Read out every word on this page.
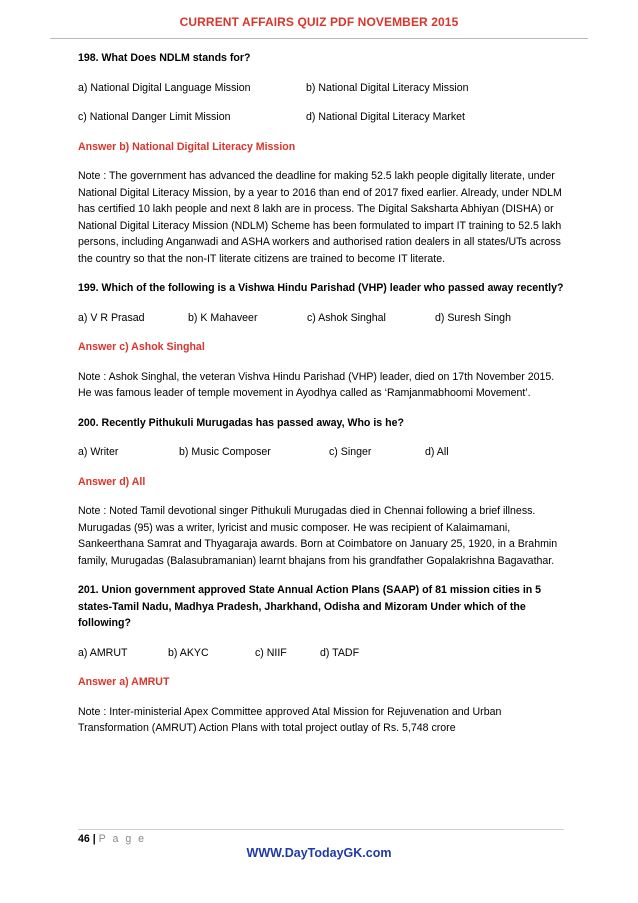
CURRENT AFFAIRS QUIZ PDF NOVEMBER 2015

198. What Does NDLM stands for?

a) National Digital Language Mission	b) National Digital Literacy Mission
c) National Danger Limit Mission	d) National Digital Literacy Market

Answer b) National Digital Literacy Mission

Note : The government has advanced the deadline for making 52.5 lakh people digitally literate, under National Digital Literacy Mission, by a year to 2016 than end of 2017 fixed earlier. Already, under NDLM has certified 10 lakh people and next 8 lakh are in process. The Digital Saksharta Abhiyan (DISHA) or National Digital Literacy Mission (NDLM) Scheme has been formulated to impart IT training to 52.5 lakh persons, including Anganwadi and ASHA workers and authorised ration dealers in all states/UTs across the country so that the non-IT literate citizens are trained to become IT literate.

199. Which of the following is a Vishwa Hindu Parishad (VHP) leader who passed away recently?

a) V R Prasad	b) K Mahaveer	c) Ashok Singhal	d) Suresh Singh

Answer c) Ashok Singhal

Note : Ashok Singhal, the veteran Vishva Hindu Parishad (VHP) leader, died on 17th November 2015. He was famous leader of temple movement in Ayodhya called as ‘Ramjanmabhoomi Movement’.

200. Recently Pithukuli Murugadas has passed away, Who is he?

a) Writer	b) Music Composer	c) Singer	d) All

Answer d) All

Note : Noted Tamil devotional singer Pithukuli Murugadas died in Chennai following a brief illness. Murugadas (95) was a writer, lyricist and music composer. He was recipient of Kalaimamani, Sankeerthana Samrat and Thyagaraja awards. Born at Coimbatore on January 25, 1920, in a Brahmin family, Murugadas (Balasubramanian) learnt bhajans from his grandfather Gopalakrishna Bagavathar.

201. Union government approved State Annual Action Plans (SAAP) of 81 mission cities in 5 states-Tamil Nadu, Madhya Pradesh, Jharkhand, Odisha and Mizoram Under which of the following?

a) AMRUT	b) AKYC	c) NIIF	d) TADF

Answer a) AMRUT

Note : Inter-ministerial Apex Committee approved Atal Mission for Rejuvenation and Urban Transformation (AMRUT) Action Plans with total project outlay of Rs. 5,748 crore

46 | P a g e
WWW.DayTodayGK.com
